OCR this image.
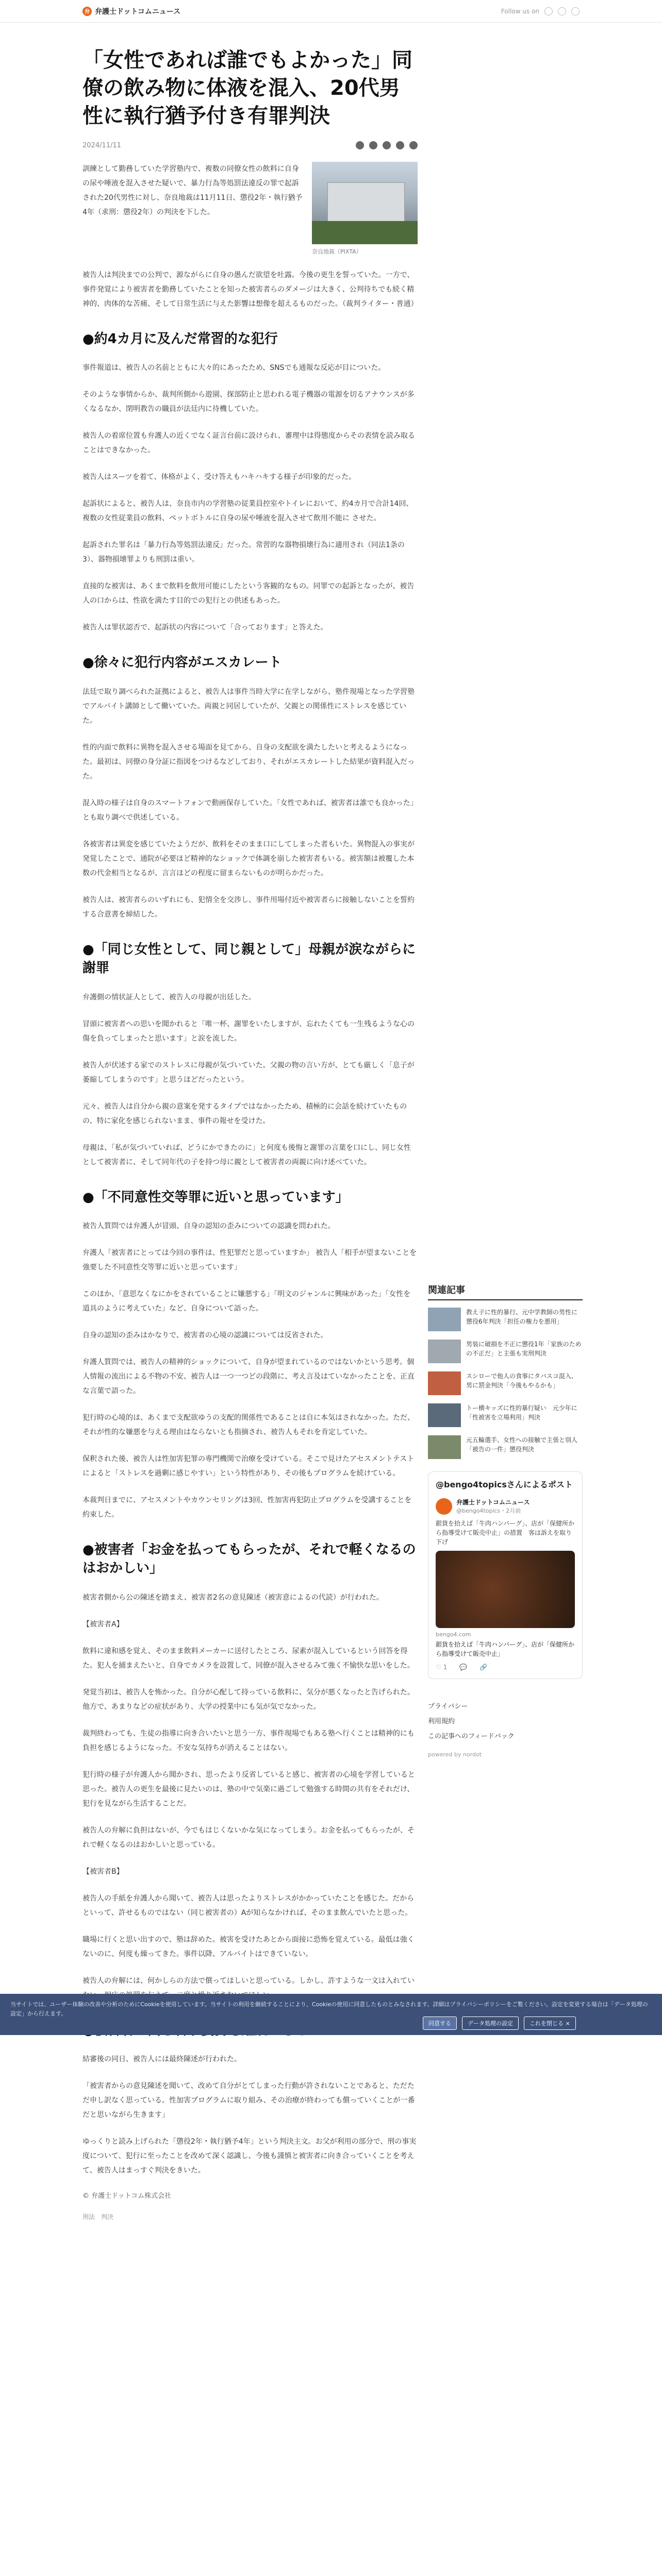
弁 弁護士ドットコムニュース	Follow us on
「女性であれば誰でもよかった」同僚の飲み物に体液を混入、20代男性に執行猶予付き有罪判決
2024/11/11

訓練として勤務していた学習塾内で、複数の同僚女性の飲料に自身の尿や唾液を混入させた疑いで、暴力行為等処罰法違反の罪で起訴された20代男性に対し、奈良地裁は11月11日、懲役2年・執行猶予4年（求刑：懲役2年）の判決を下した。

奈良地裁（PIXTA）

被告人は判決までの公判で、源ながらに自身の愚んだ欲望を吐露。今後の更生を誓っていた。一方で、事件発覚により被害者を勤務していたことを知った被害者らのダメージは大きく、公判待ちでも続く精神的、肉体的な苦痛、そして日常生活に与えた影響は想像を超えるものだった。（裁判ライター・普通）

●約4カ月に及んだ常習的な犯行

事件報道は、被告人の名前とともに大々的にあったため、SNSでも通報な反応が目についた。

そのような事情からか、裁判所側から遊園、探部防止と思われる電子機器の電源を切るアナウンスが多くなるなか、閉明教告の職員が法廷内に待機していた。

被告人の着席位置も弁護人の近くでなく証言台前に設けられ、審理中は得態度からその表情を読み取ることはできなかった。

被告人はスーツを着て、体格がよく、受け答えもハキハキする様子が印象的だった。

起訴状によると、被告人は、奈良市内の学習塾の従業員控室やトイレにおいて、約4カ月で合計14回、複数の女性従業員の飲料、ペットボトルに自身の尿や唾液を混入させて飲用不能に させた。

起訴された罪名は「暴力行為等処罰法違反」だった。常習的な器物損壊行為に適用され（同法1条の3）、器物損壊罪よりも刑罰は重い。

直接的な被害は、あくまで飲料を飲用可能にしたという客観的なもの。同罪での起訴となったが、被告人の口からは、性欲を満たす目的での犯行との供述もあった。

被告人は罪状認否で、起訴状の内容について「合っております」と答えた。

●徐々に犯行内容がエスカレート

法廷で取り調べられた証拠によると、被告人は事件当時大学に在学しながら、塾件現場となった学習塾でアルバイト講師として働いていた。両親と同居していたが、父親との関係性にストレスを感じていた。

性的内面で飲料に異物を混入させる場面を見てから、自身の支配欲を満たしたいと考えるようになった。最初は、同僚の身分証に指図をつけるなどしており、それがエスカレートした結果が資料混入だった。

混入時の様子は自身のスマートフォンで動画保存していた。「女性であれば、被害者は誰でも良かった」とも取り調べで供述している。

各被害者は異変を感じていたようだが、飲料をそのまま口にしてしまった者もいた。異物混入の事実が発覚したことで、通院が必要ほど精神的なショックで体調を崩した被害者もいる。被害額は被覆した本数の代金相当となるが、言言ほどの程度に留まらないものが明らかだった。

被告人は、被害者らのいずれにも、犯情全を交渉し、事件用場付近や被害者らに接触しないことを誓約する合意書を締結した。

●「同じ女性として、同じ親として」母親が涙ながらに謝罪

弁護側の情状証人として、被告人の母親が出廷した。

冒頭に被害者への思いを聞かれると「唯一杯、謝罪をいたしますが、忘れたくても一生残るような心の傷を負ってしまったと思います」と涙を流した。

被告人が伏述する家でのストレスに母親が気づいていた。父親の物の言い方が、とても厳しく「息子が萎縮してしまうのです」と思うほどだったという。

元々、被告人は自分から親の意案を発するタイプではなかったため、積極的に会話を続けていたものの、特に家化を感じられないまま、事件の報せを受けた。

母親は、「私が気づいていれば、どうにかできたのに」と何度も後悔と謝罪の言葉を口にし、同じ女性として被害者に、そして同年代の子を持つ母に親として被害者の両親に向け述べていた。

●「不同意性交等罪に近いと思っています」

被告人質問では弁護人が冒頭、自身の認知の歪みについての認識を問われた。

弁護人「被害者にとっては今回の事件は、性犯罪だと思っていますか」 被告人「相手が望まないことを強要した不同意性交等罪に近いと思っています」

このほか、「意思なくなにかをされていることに嫌悪する」「明文のジャンルに興味があった」「女性を道具のように考えていた」など、自身について語った。

自身の認知の歪みはかなりで、被害者の心境の認識については反省された。

弁護人質問では、被告人の精神的ショックについて、自身が望まれているのではないかという思考。個人情報の流出による不物の不安、被告人は一つ一つどの段階に、考え言及はていなかったことを、正直な言葉で語った。

犯行時の心境的は、あくまで支配欲ゆうの支配的関係性であることは自に本気はされなかった。ただ、それが性的な嫌悪を与える理由はならないとも指摘され、被告人もそれを肯定していた。

保釈された後、被告人は性加害犯罪の専門機関で治療を受けている。そこで見けたアセスメントテストによると「ストレスを過剰に感じやすい」という特性があり、その後もプログラムを続けている。

本裁判日までに、アセスメントやカウンセリングは3回、性加害再犯防止プログラムを受講することを約束した。

●被害者「お金を払ってもらったが、それで軽くなるのはおかしい」

被害者側から公の陳述を踏まえ、被害者2名の意見陳述（被害意によるの代読）が行われた。

【被害者A】

飲料に違和感を覚え、そのまま飲料メーカーに送付したところ、尿素が混入しているという回答を得た。犯人を捕まえたいと、自身でカメラを設置して、同僚が混入させるみて強く不愉快な思いをした。

発覚当初は、被告人を怖かった。自分が心配して持っている飲料に、気分が悪くなったと告げられた。他方で、あまりなどの症状があり、大学の授業中にも気が気でなかった。

裁判終わっても、生徒の指導に向き合いたいと思う一方、事件現場でもある塾へ行くことは精神的にも負担を感じるようになった。不安な気持ちが消えることはない。

犯行時の様子が弁護人から聞かされ、思ったより反省していると感じ、被害者の心境を学習していると思った。被告人の更生を最後に見たいのは、塾の中で気楽に過ごして勉強する時間の共有をそれだけ、犯行を見ながら生活することだ。

被告人の弁解に負担はないが、今でもはじくないかな気になってしまう。お金を払ってもらったが、それで軽くなるのはおかしいと思っている。

【被害者B】

被告人の手紙を弁護人から聞いて、被告人は思ったよりストレスがかかっていたことを感じた。だからといって、許せるものではない（同じ被害者の）Aが知らなかければ、そのまま飲んでいたと思った。

職場に行くと思い出すので、塾は辞めた。被害を受けたあとから面接に恐怖を覚えている。最低は強くないのに、何度も繰ってきた。事件以降、アルバイトはできていない。

被告人の弁解には、何かしらの方法で償ってほしいと思っている。しかし、許すような一文は入れてい

結審後の同日、被告人には最終陳述が行われた。

「被害者からの意見陳述を聞いて、改めて自分がとてしまった行動が許されないことであると、ただただ申し訳なく思っている。性加害プログラムに取り組み、その治療が終わっても償っていくことが一番だと思いながら生きます」

ゆっくりと読み上げられた「懲役2年・執行猶予4年」という判決主文。お父が利用の部分で、刑の事実度について、犯行に至ったことを改めて深く認識し、今後も謹慎と被害者に向き合っていくことを考えて、被告人はまっすぐ判決をきいた。

© 弁護士ドットコム株式会社

刑法　判決

関連記事
教え子に性的暴行、元中学教師の男性に懲役6年判決「担任の権力を悪用」
男装に破損を不正に懲役1年「家族のための不正だ」と主張も実刑判決
スシローで他人の食事にタバスコ混入、男に罰金判決「今後もやるかも」
トー横キッズに性的暴行疑い　元少年に「性被害を立場利用」判決
元五輪選手、女性への接触で主張と別人「被告の一件」懲役判決
@bengo4topicsさんによるポスト
弁護士ドットコムニュース
@bengo4topics・2月前
銀貨を拾えば「牛肉ハンバーグ」、店が「保健所から指導受けて販売中止」の措置　客は訴えを取り下げ
bengo4.com
銀貨を拾えば「牛肉ハンバーグ」、店が「保健所から指導受けて販売中止」
♡ 1　　💬　　🔗
プライバシー
利用規約
この記事へのフィードバック
powered by nordot
当サイトでは、ユーザー体験の改善や分析のためにCookieを使用しています。当サイトの利用を継続することにより、Cookieの使用に同意したものとみなされます。詳細はプライバシーポリシーをご覧ください。設定を変更する場合は「データ処理の設定」から行えます。
同意する	データ処理の設定	これを閉じる ×
